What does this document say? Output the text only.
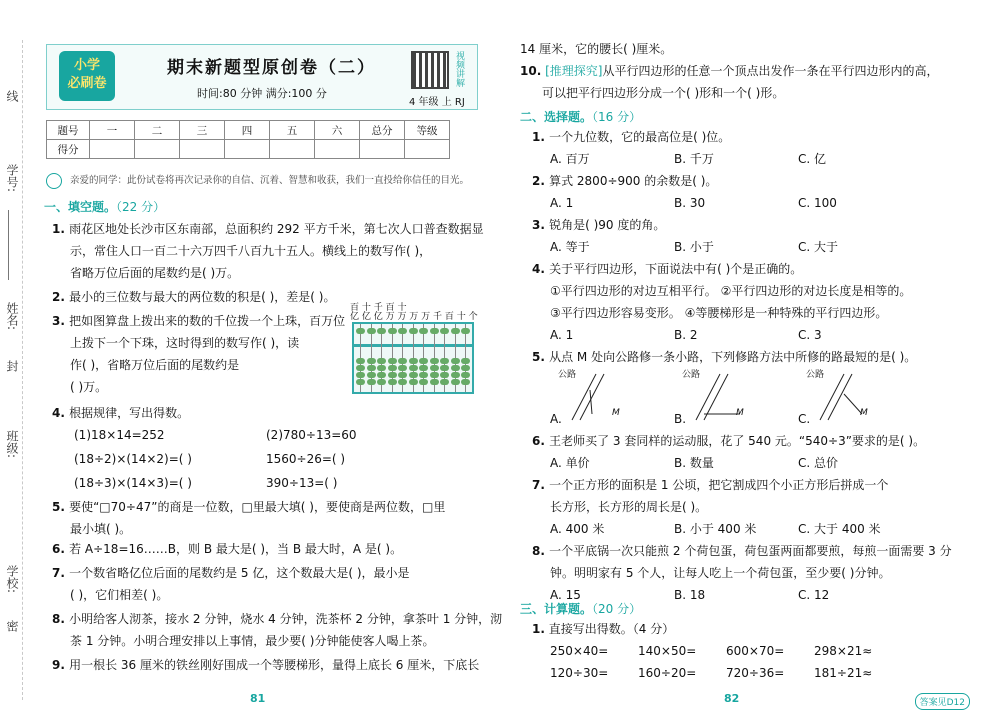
线
学号:
姓名:
封
班级:
学校:
密
小学
必刷卷
期末新题型原创卷（二）
时间:80 分钟 满分:100 分
视频讲解
4 年级 上 RJ
题号	一	二	三	四	五	六	总分	等级
得分								
亲爱的同学：此份试卷将再次记录你的自信、沉着、智慧和收获，我们一直投给你信任的目光。
一、填空题。（22 分）
1. 雨花区地处长沙市区东南部，总面积约 292 平方千米，第七次人口普查数据显
示，常住人口一百二十六万四千八百九十五人。横线上的数写作( )，
省略万位后面的尾数约是( )万。
2. 最小的三位数与最大的两位数的积是( )，差是( )。
3. 把如图算盘上拨出来的数的千位拨一个上珠，百万位
上拨下一个下珠，这时得到的数写作( )，读
作( )，省略万位后面的尾数约是
( )万。
4. 根据规律，写出得数。
5. 要使“□70÷47”的商是一位数，□里最大填( )，要使商是两位数，□里
最小填( )。
6. 若 A÷18=16……B，则 B 最大是( )，当 B 最大时，A 是( )。
7. 一个数省略亿位后面的尾数约是 5 亿，这个数最大是( )，最小是
( )，它们相差( )。
8. 小明给客人沏茶，接水 2 分钟，烧水 4 分钟，洗茶杯 2 分钟，拿茶叶 1 分钟，沏
茶 1 分钟。小明合理安排以上事情，最少要( )分钟能使客人喝上茶。
9. 用一根长 36 厘米的铁丝刚好围成一个等腰梯形，量得上底长 6 厘米，下底长
(1)18×14=252	(2)780÷13=60
(18÷2)×(14×2)=( )	1560÷26=( )
(18÷3)×(14×3)=( )	390÷13=( )
百 十 千 百 十
亿 亿 亿 万 万 万 万 千 百 十 个
81
14 厘米，它的腰长( )厘米。
10. [推理探究]从平行四边形的任意一个顶点出发作一条在平行四边形内的高，
可以把平行四边形分成一个( )形和一个( )形。
二、选择题。（16 分）
1. 一个九位数，它的最高位是( )位。
A. 百万	B. 千万	C. 亿
2. 算式 2800÷900 的余数是( )。
A. 1	B. 30	C. 100
3. 锐角是( )90 度的角。
A. 等于	B. 小于	C. 大于
4. 关于平行四边形，下面说法中有( )个是正确的。
①平行四边形的对边互相平行。 ②平行四边形的对边长度是相等的。
③平行四边形容易变形。 ④等腰梯形是一种特殊的平行四边形。
A. 1	B. 2	C. 3
5. 从点 M 处向公路修一条小路，下列修路方法中所修的路最短的是( )。
公路
M
A.
公路
M
B.
公路
M
C.
6. 王老师买了 3 套同样的运动服，花了 540 元。“540÷3”要求的是( )。
A. 单价	B. 数量	C. 总价
7. 一个正方形的面积是 1 公顷，把它割成四个小正方形后拼成一个
长方形，长方形的周长是( )。
A. 400 米	B. 小于 400 米	C. 大于 400 米
8. 一个平底锅一次只能煎 2 个荷包蛋，荷包蛋两面都要煎，每煎一面需要 3 分
钟。明明家有 5 个人，让每人吃上一个荷包蛋，至少要( )分钟。
A. 15	B. 18	C. 12
三、计算题。（20 分）
1. 直接写出得数。（4 分）
250×40= 140×50= 600×70= 298×21≈
120÷30= 160÷20= 720÷36= 181÷21≈
82	答案见D12
